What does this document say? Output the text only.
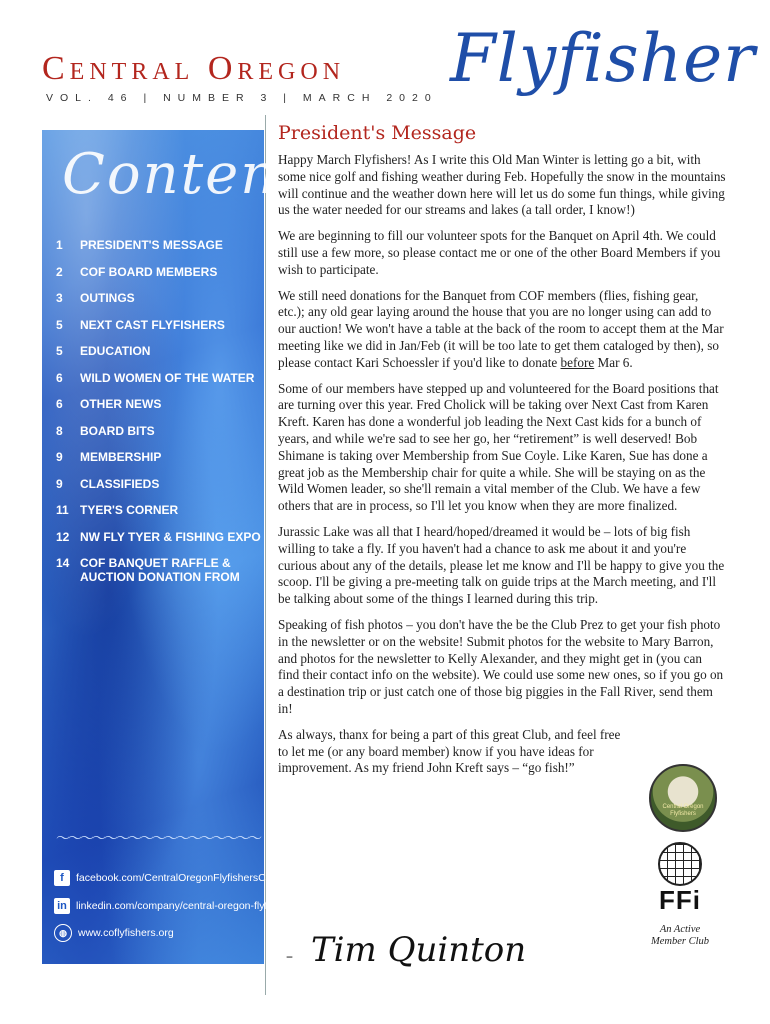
Central Oregon Flyfisher
VOL. 46 | NUMBER 3 | MARCH 2020
Contents
1	PRESIDENT'S MESSAGE
2	COF BOARD MEMBERS
3	OUTINGS
5	NEXT CAST FLYFISHERS
5	EDUCATION
6	WILD WOMEN OF THE WATER
6	OTHER NEWS
8	BOARD BITS
9	MEMBERSHIP
9	CLASSIFIEDS
11 TYER'S CORNER
12 NW FLY TYER & FISHING EXPO
14 COF BANQUET RAFFLE & AUCTION DONATION FROM
〜〜〜〜〜〜〜〜〜〜〜〜〜〜〜〜〜
f	facebook.com/CentralOregonFlyfishersClub
in linkedin.com/company/central-oregon-flyfishers
◍	www.coflyfishers.org
President's Message

Happy March Flyfishers! As I write this Old Man Winter is letting go a bit, with some nice golf and fishing weather during Feb. Hopefully the snow in the mountains will continue and the weather down here will let us do some fun things, while giving us the water needed for our streams and lakes (a tall order, I know!)

We are beginning to fill our volunteer spots for the Banquet on April 4th. We could still use a few more, so please contact me or one of the other Board Members if you wish to participate.

We still need donations for the Banquet from COF members (flies, fishing gear, etc.); any old gear laying around the house that you are no longer using can add to our auction! We won't have a table at the back of the room to accept them at the Mar meeting like we did in Jan/Feb (it will be too late to get them cataloged by then), so please contact Kari Schoessler if you'd like to donate before Mar 6.

Some of our members have stepped up and volunteered for the Board positions that are turning over this year. Fred Cholick will be taking over Next Cast from Karen Kreft. Karen has done a wonderful job leading the Next Cast kids for a bunch of years, and while we're sad to see her go, her “retirement” is well deserved! Bob Shimane is taking over Membership from Sue Coyle. Like Karen, Sue has done a great job as the Membership chair for quite a while. She will be staying on as the Wild Women leader, so she'll remain a vital member of the Club. We have a few others that are in process, so I'll let you know when they are more finalized.

Jurassic Lake was all that I heard/hoped/dreamed it would be – lots of big fish willing to take a fly. If you haven't had a chance to ask me about it and you're curious about any of the details, please let me know and I'll be happy to give you the scoop. I'll be giving a pre-meeting talk on guide trips at the March meeting, and I'll be talking about some of the things I learned during this trip.

Speaking of fish photos – you don't have the be the Club Prez to get your fish photo in the newsletter or on the website! Submit photos for the website to Mary Barron, and photos for the newsletter to Kelly Alexander, and they might get in (you can find their contact info on the website). We could use some new ones, so if you go on a destination trip or just catch one of those big piggies in the Fall River, send them in!

As always, thanx for being a part of this great Club, and feel free to let me (or any board member) know if you have ideas for improvement. As my friend John Kreft says – “go fish!”

Central Oregon Flyfishers
FFi
An Active
Member Club
– Tim Quinton
